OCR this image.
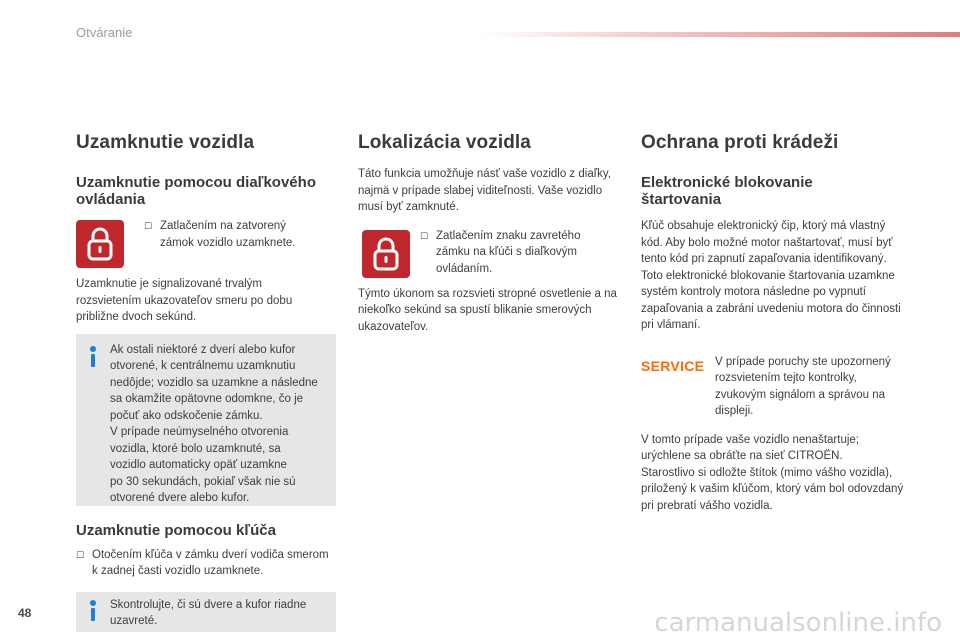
Otváranie
Uzamknutie vozidla
Uzamknutie pomocou diaľkového ovládania
☐ Zatlačením na zatvorený zámok vozidlo uzamknete.

Uzamknutie je signalizované trvalým rozsvietením ukazovateľov smeru po dobu približne dvoch sekúnd.

Ak ostali niektoré z dverí alebo kufor

otvorené, k centrálnemu uzamknutiu

nedôjde; vozidlo sa uzamkne a následne

sa okamžite opätovne odomkne, čo je

počuť ako odskočenie zámku.

V prípade neúmyselného otvorenia

vozidla, ktoré bolo uzamknuté, sa

vozidlo automaticky opäť uzamkne

po 30 sekundách, pokiaľ však nie sú

otvorené dvere alebo kufor.

Uzamknutie pomocou kľúča
☐ Otočením kľúča v zámku dverí vodiča smerom k zadnej časti vozidlo uzamknete.

Skontrolujte, či sú dvere a kufor riadne uzavreté.

Lokalizácia vozidla

Táto funkcia umožňuje násť vaše vozidlo z diaľky, najmä v prípade slabej viditeľnosti. Vaše vozidlo musí byť zamknuté.

☐ Zatlačením znaku zavretého zámku na kľúči s diaľkovým ovládaním.

Týmto úkonom sa rozsvieti stropné osvetlenie a na niekoľko sekúnd sa spustí blikanie smerových ukazovateľov.

Ochrana proti krádeži
Elektronické blokovanie štartovania

Kľúč obsahuje elektronický čip, ktorý má vlastný kód. Aby bolo možné motor naštartovať, musí byť tento kód pri zapnutí zapaľovania identifikovaný.

Toto elektronické blokovanie štartovania uzamkne systém kontroly motora následne po vypnutí zapaľovania a zabráni uvedeniu motora do činnosti pri vlámaní.

SERVICE V prípade poruchy ste upozornený rozsvietením tejto kontrolky, zvukovým signálom a správou na displeji.

V tomto prípade vaše vozidlo nenaštartuje; urýchlene sa obráťte na sieť CITROËN.

Starostlivo si odložte štítok (mimo vášho vozidla), priložený k vašim kľúčom, ktorý vám bol odovzdaný pri prebratí vášho vozidla.

48	carmanualsonline.info
